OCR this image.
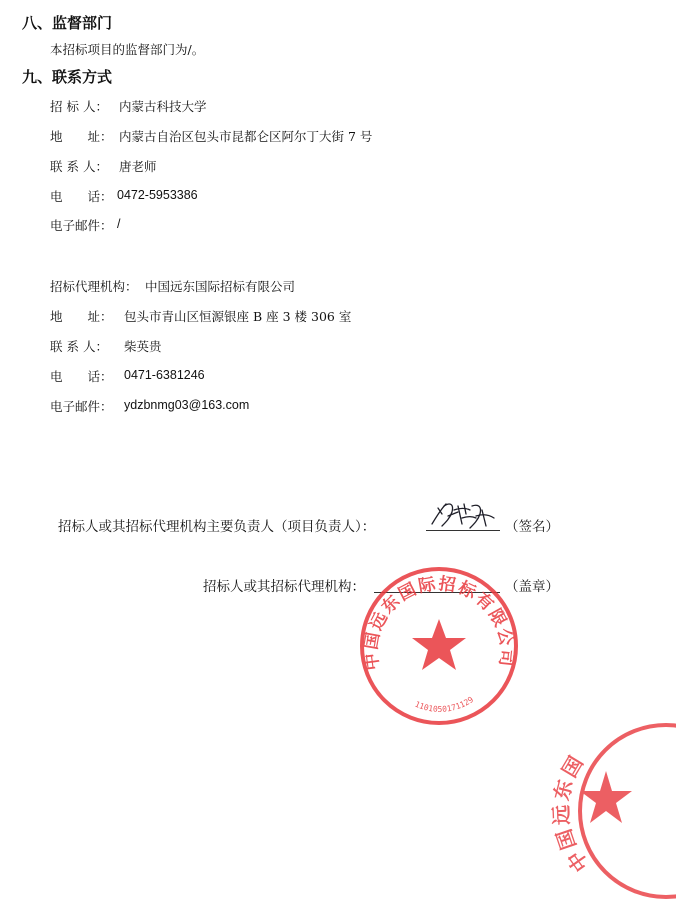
八、监督部门
本招标项目的监督部门为/。
九、联系方式
招 标 人： 内蒙古科技大学
地　　址： 内蒙古自治区包头市昆都仑区阿尔丁大街 7 号
联 系 人： 唐老师
电　　话： 0472-5953386
电子邮件： /
招标代理机构： 中国远东国际招标有限公司
地　　址： 包头市青山区恒源银座 B 座 3 楼 306 室
联 系 人： 柴英贵
电　　话： 0471-6381246
电子邮件： ydzbnmg03@163.com
招标人或其招标代理机构主要负责人（项目负责人）：	（签名）
招标人或其招标代理机构：	（盖章）
中国远东国际招标有限公司
1101050171129
中国远东国
